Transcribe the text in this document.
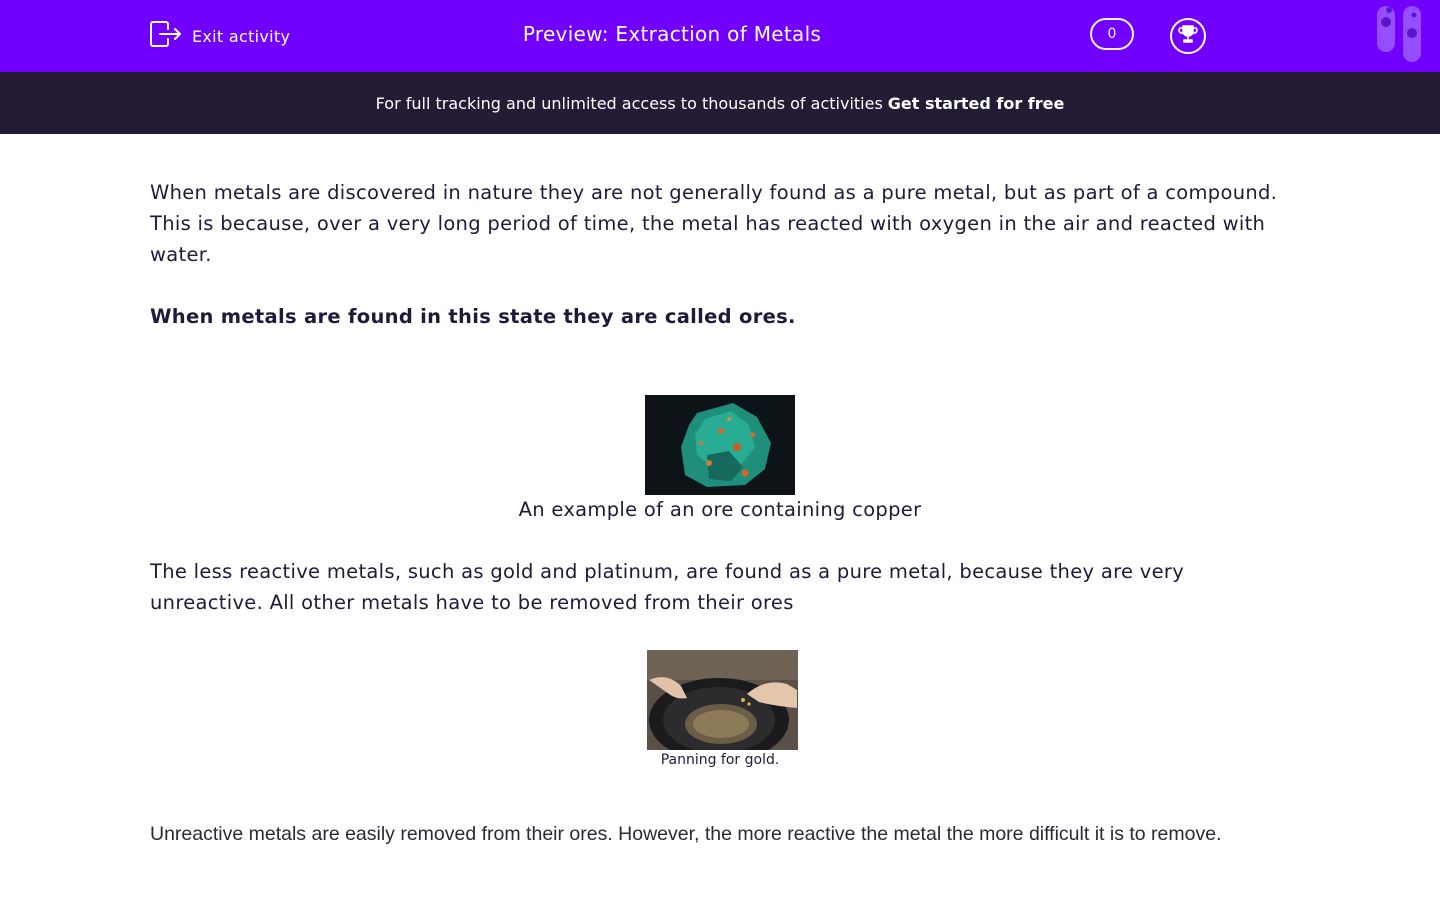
Exit activity	Preview: Extraction of Metals	0
For full tracking and unlimited access to thousands of activities Get started for free

When metals are discovered in nature they are not generally found as a pure metal, but as part of a compound. This is because, over a very long period of time, the metal has reacted with oxygen in the air and reacted with water.

When metals are found in this state they are called ores.

An example of an ore containing copper

The less reactive metals, such as gold and platinum, are found as a pure metal, because they are very unreactive. All other metals have to be removed from their ores

Panning for gold.

Unreactive metals are easily removed from their ores. However, the more reactive the metal the more difficult it is to remove.
